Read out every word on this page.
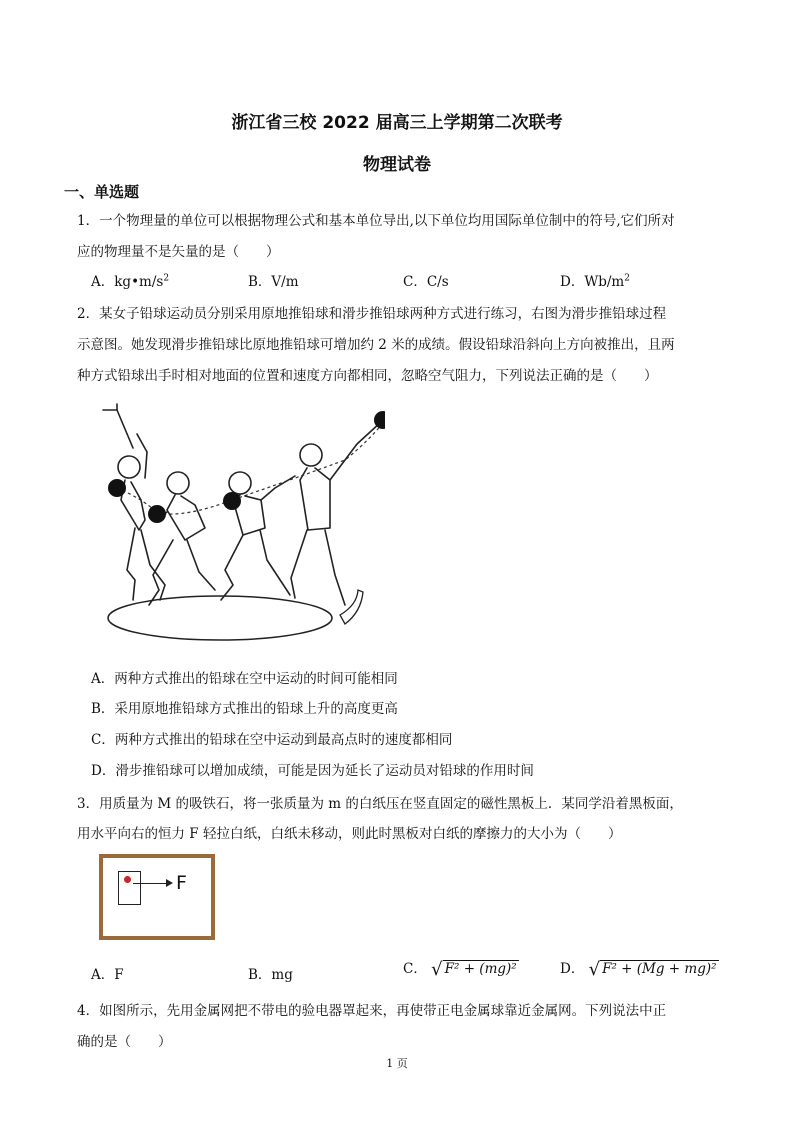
浙江省三校 2022 届高三上学期第二次联考
物理试卷
一、单选题
1．一个物理量的单位可以根据物理公式和基本单位导出,以下单位均用国际单位制中的符号,它们所对
应的物理量不是矢量的是（　　）
A．$kg•m/s^2$	B．V/m	C．C/s	D．$Wb/m^2$
2．某女子铅球运动员分别采用原地推铅球和滑步推铅球两种方式进行练习，右图为滑步推铅球过程
示意图。她发现滑步推铅球比原地推铅球可增加约 2 米的成绩。假设铅球沿斜向上方向被推出，且两
种方式铅球出手时相对地面的位置和速度方向都相同，忽略空气阻力，下列说法正确的是（　　）
A．两种方式推出的铅球在空中运动的时间可能相同
B．采用原地推铅球方式推出的铅球上升的高度更高
C．两种方式推出的铅球在空中运动到最高点时的速度都相同
D．滑步推铅球可以增加成绩，可能是因为延长了运动员对铅球的作用时间
3．用质量为 M 的吸铁石，将一张质量为 m 的白纸压在竖直固定的磁性黑板上．某同学沿着黑板面，
用水平向右的恒力 F 轻拉白纸，白纸未移动，则此时黑板对白纸的摩擦力的大小为（　　）
F
A．F	B．mg	C． √ F² + (mg)²	D． √ F² + (Mg + mg)²
4．如图所示，先用金属网把不带电的验电器罩起来，再使带正电金属球靠近金属网。下列说法中正
确的是（　　）
1 页
